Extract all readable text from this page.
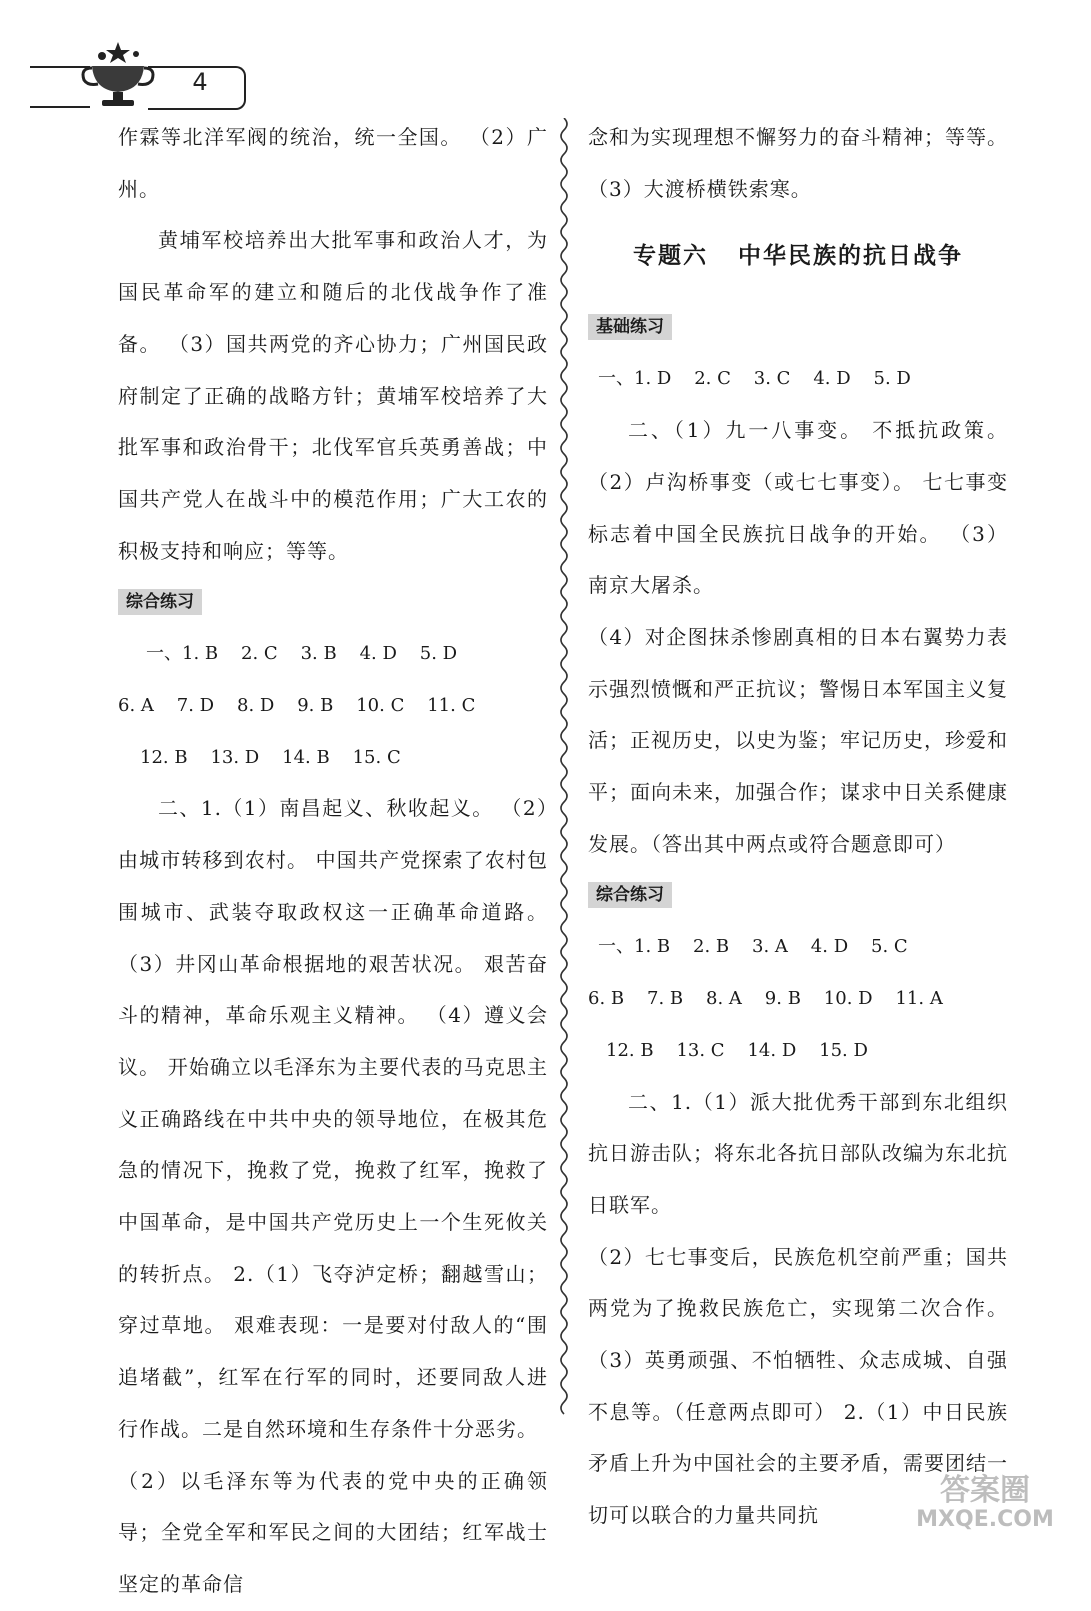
4

作霖等北洋军阀的统治，统一全国。 （2）广州。

黄埔军校培养出大批军事和政治人才，为国民革命军的建立和随后的北伐战争作了准备。 （3）国共两党的齐心协力；广州国民政府制定了正确的战略方针；黄埔军校培养了大批军事和政治骨干；北伐军官兵英勇善战；中国共产党人在战斗中的模范作用；广大工农的积极支持和响应；等等。

综合练习

一、1. B    2. C    3. B    4. D    5. D

6. A    7. D    8. D    9. B    10. C    11. C

12. B    13. D    14. B    15. C

二、1.（1）南昌起义、秋收起义。 （2）由城市转移到农村。 中国共产党探索了农村包围城市、武装夺取政权这一正确革命道路。 （3）井冈山革命根据地的艰苦状况。 艰苦奋斗的精神，革命乐观主义精神。 （4）遵义会议。 开始确立以毛泽东为主要代表的马克思主义正确路线在中共中央的领导地位，在极其危急的情况下，挽救了党，挽救了红军，挽救了中国革命，是中国共产党历史上一个生死攸关的转折点。 2.（1）飞夺泸定桥；翻越雪山；穿过草地。 艰难表现：一是要对付敌人的“围追堵截”，红军在行军的同时，还要同敌人进行作战。二是自然环境和生存条件十分恶劣。

（2）以毛泽东等为代表的党中央的正确领导；全党全军和军民之间的大团结；红军战士坚定的革命信

念和为实现理想不懈努力的奋斗精神；等等。

（3）大渡桥横铁索寒。

专题六 中华民族的抗日战争
基础练习

一、1. D    2. C    3. C    4. D    5. D

二、（1）九一八事变。 不抵抗政策。 （2）卢沟桥事变（或七七事变）。 七七事变标志着中国全民族抗日战争的开始。 （3）南京大屠杀。

（4）对企图抹杀惨剧真相的日本右翼势力表示强烈愤慨和严正抗议；警惕日本军国主义复活；正视历史，以史为鉴；牢记历史，珍爱和平；面向未来，加强合作；谋求中日关系健康发展。（答出其中两点或符合题意即可）

综合练习

一、1. B    2. B    3. A    4. D    5. C

6. B    7. B    8. A    9. B    10. D    11. A

12. B    13. C    14. D    15. D

二、1.（1）派大批优秀干部到东北组织抗日游击队；将东北各抗日部队改编为东北抗日联军。

（2）七七事变后，民族危机空前严重；国共两党为了挽救民族危亡，实现第二次合作。 （3）英勇顽强、不怕牺牲、众志成城、自强不息等。（任意两点即可） 2.（1）中日民族矛盾上升为中国社会的主要矛盾，需要团结一切可以联合的力量共同抗

答案圈
MXQE.COM
